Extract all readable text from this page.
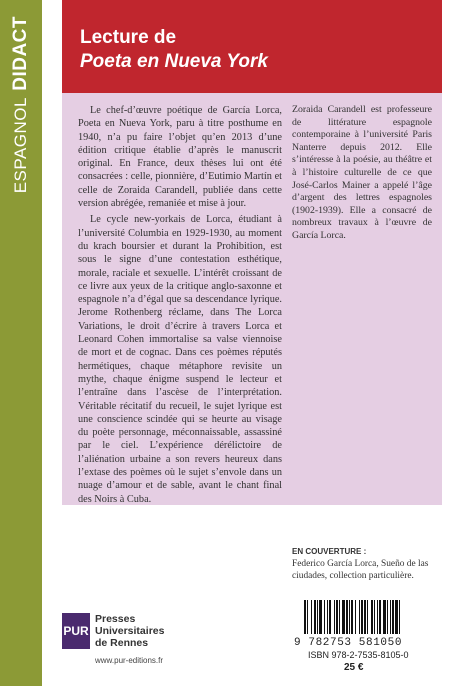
DIDACT
ESPAGNOL
Lecture de
Poeta en Nueva York

Le chef-d’œuvre poétique de García Lorca, Poeta en Nueva York, paru à titre posthume en 1940, n’a pu faire l’objet qu’en 2013 d’une édition critique établie d’après le manuscrit original. En France, deux thèses lui ont été consacrées : celle, pionnière, d’Eutimio Martín et celle de Zoraida Carandell, publiée dans cette version abrégée, remaniée et mise à jour.

Le cycle new-yorkais de Lorca, étudiant à l’université Columbia en 1929-1930, au moment du krach boursier et durant la Prohibition, est sous le signe d’une contestation esthétique, morale, raciale et sexuelle. L’intérêt croissant de ce livre aux yeux de la critique anglo-saxonne et espagnole n’a d’égal que sa descendance lyrique. Jerome Rothenberg réclame, dans The Lorca Variations, le droit d’écrire à travers Lorca et Leonard Cohen immortalise sa valse viennoise de mort et de cognac. Dans ces poèmes réputés hermétiques, chaque métaphore revisite un mythe, chaque énigme suspend le lecteur et l’entraîne dans l’ascèse de l’interprétation. Véritable récitatif du recueil, le sujet lyrique est une conscience scindée qui se heurte au visage du poète personnage, méconnaissable, assassiné par le ciel. L’expérience dérélictoire de l’aliénation urbaine a son revers heureux dans l’extase des poèmes où le sujet s’envole dans un nuage d’amour et de sable, avant le chant final des Noirs à Cuba.

Zoraida Carandell est professeure de littérature espagnole contemporaine à l’université Paris Nanterre depuis 2012. Elle s’intéresse à la poésie, au théâtre et à l’histoire culturelle de ce que José-Carlos Mainer a appelé l’âge d’argent des lettres espagnoles (1902-1939). Elle a consacré de nombreux travaux à l’œuvre de García Lorca.
EN COUVERTURE :
Federico García Lorca, Sueño de las ciudades, collection particulière.
PUR
Presses
Universitaires
de Rennes
www.pur-editions.fr
9 782753 581050
ISBN 978-2-7535-8105-0
25 €
